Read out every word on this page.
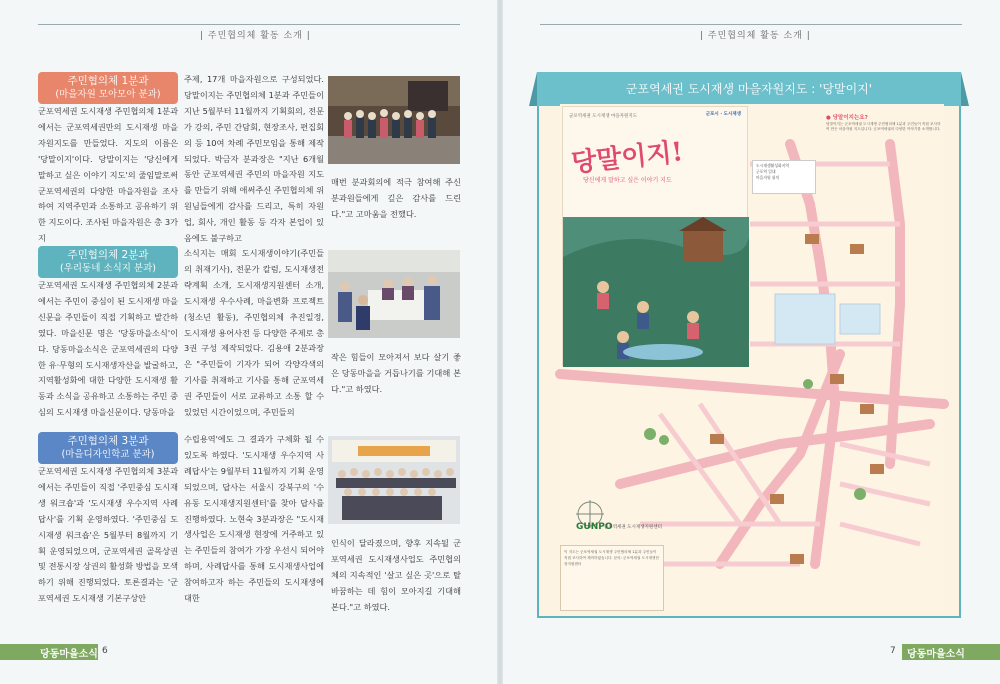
| 주민협의체 활동 소개 |	| 주민협의체 활동 소개 |
주민협의체 1분과
(마을자원 모아모아 분과)
군포역세권 도시재생 주민협의체 1분과에서는 군포역세권만의 도시재생 마을자원지도를 만들었다. 지도의 이름은 '당말이지'이다. 당말이지는 '당신에게 말하고 싶은 이야기 지도'의 줄임말로써 군포역세권의 다양한 마을자원을 조사하여 지역주민과 소통하고 공유하기 위한 지도이다. 조사된 마을자원은 총 3가지
주제, 17개 마을자원으로 구성되었다. 당말이지는 주민협의체 1분과 주민들이 지난 5월부터 11월까지 기획회의, 전문가 강의, 주민 간담회, 현장조사, 편집회의 등 10여 차례 주민모임을 통해 제작되었다. 박금자 분과장은 "지난 6개월 동안 군포역세권 주민의 마을자원 지도를 만들기 위해 애써주신 주민협의체 위원님들에게 감사를 드리고, 특히 자원업, 회사, 개인 활동 등 각자 본업이 있음에도 불구하고
매번 분과회의에 적극 참여해 주신 분과원들에게 깊은 감사를 드린다."고 고마움을 전했다.
주민협의체 2분과
(우리동네 소식지 분과)
군포역세권 도시재생 주민협의체 2분과에서는 주민이 중심이 된 도시재생 마을신문을 주민들이 직접 기획하고 발간하였다. 마을신문 명은 '당동마을소식'이다. 당동마을소식은 군포역세권의 다양한 유·무형의 도시재생자산을 발굴하고, 지역활성화에 대한 다양한 도시재생 활동과 소식을 공유하고 소통하는 주민 중심의 도시재생 마을신문이다. 당동마을
소식지는 매회 도시재생이야기(주민들의 취재기사), 전문가 칼럼, 도시재생전략계획 소개, 도시재생지원센터 소개, 도시재생 우수사례, 마을변화 프로젝트(청소년 활동), 주민협의체 추진일정, 도시재생 용어사전 등 다양한 주제로 총 3권 구성 제작되었다. 김용애 2분과장은 "주민들이 기자가 되어 각양각색의 기사를 취재하고 기사를 통해 군포역세권 주민들이 서로 교류하고 소통 할 수 있었던 시간이었으며, 주민들의
작은 힘들이 모아져서 보다 살기 좋은 당동마을을 거듭나기를 기대해 본다."고 하였다.
주민협의체 3분과
(마을디자인학교 분과)
군포역세권 도시재생 주민협의체 3분과에서는 주민들이 직접 '주민중심 도시재생 워크숍'과 '도시재생 우수지역 사례답사'를 기획 운영하였다. '주민중심 도시재생 워크숍'은 5월부터 8월까지 기획 운영되었으며, 군포역세권 골목상권 및 전통시장 상권의 활성화 방법을 모색하기 위해 진행되었다. 토론결과는 '군포역세권 도시재생 기본구상안
수립용역'에도 그 결과가 구체화 될 수 있도록 하였다. '도시재생 우수지역 사례답사'는 9월부터 11월까지 기획 운영되었으며, 답사는 서울시 강북구의 '수유동 도시재생지원센터'를 찾아 답사를 진행하였다. 노현숙 3분과장은 "도시재생사업은 도시재생 현장에 거주하고 있는 주민들의 참여가 가장 우선시 되어야 하며, 사례답사를 통해 도시재생사업에 참여하고자 하는 주민들의 도시재생에 대한
인식이 달라졌으며, 향후 지속될 군포역세권 도시재생사업도 주민협의체의 지속적인 '살고 싶은 곳'으로 탈바꿈하는 데 힘이 모아지길 기대해 본다."고 하였다.
당동마을소식 6	7 당동마을소식
군포역세권 도시재생 마을자원지도 : '당말이지'
군포역세권 도시재생 마을자원지도	군포시 · 도시재생
당말이지!
당신에게 말하고 싶은 이야기 지도
● 당말이지는요?
당말이지는 군포역세권 도시재생 주민협의체 1분과 주민들이 직접 조사하여 만든 마을자원 지도입니다. 군포역세권의 다양한 이야기를 소개합니다.
도시재생활성화지역
군포역 일대
마을자원 위치
GUNPO
군포역세권 도시재생지원센터
이 지도는 군포역세권 도시재생 주민협의체 1분과 주민들이 직접 조사하여 제작하였습니다. 문의: 군포역세권 도시재생현장지원센터
